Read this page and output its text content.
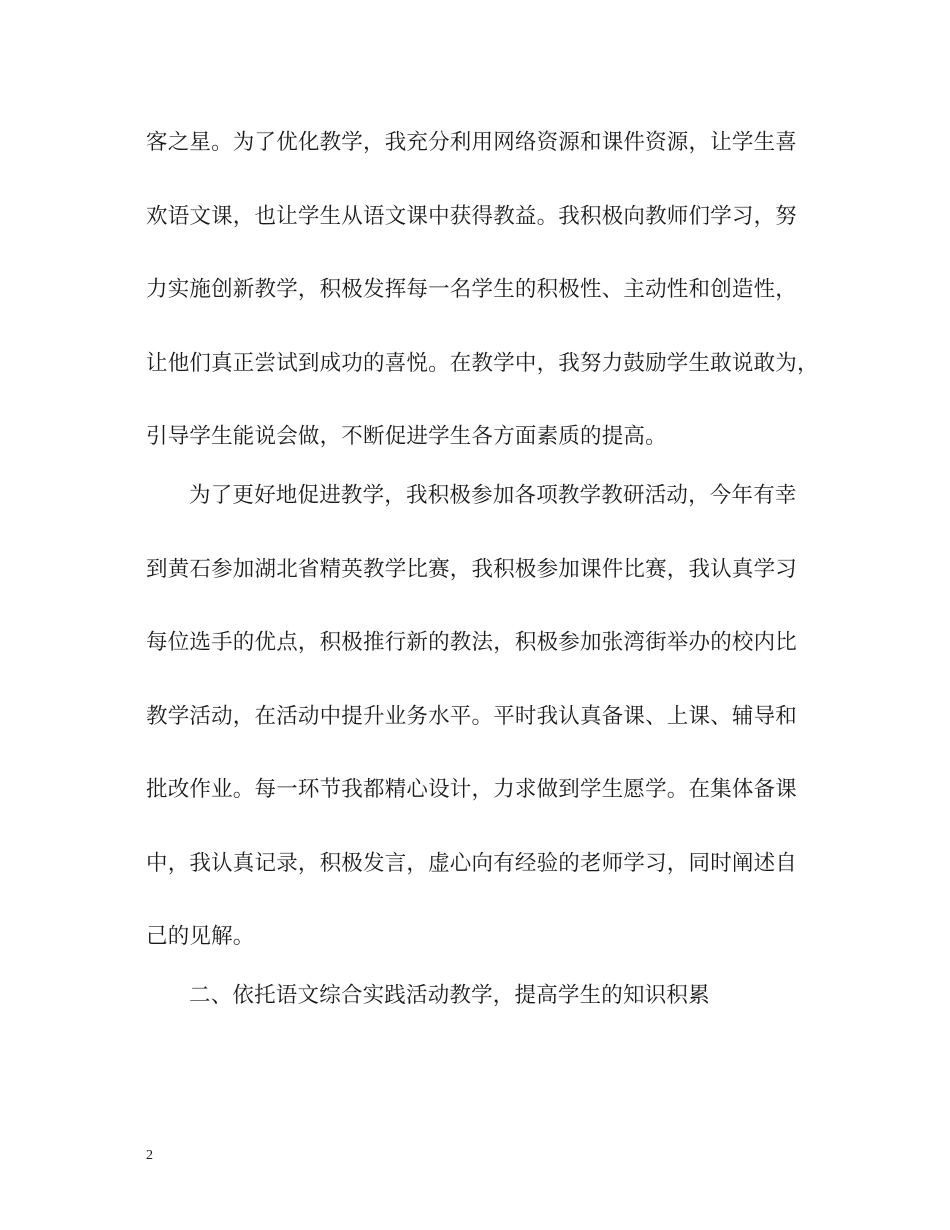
客之星。为了优化教学，我充分利用网络资源和课件资源，让学生喜
欢语文课，也让学生从语文课中获得教益。我积极向教师们学习，努
力实施创新教学，积极发挥每一名学生的积极性、主动性和创造性，
让他们真正尝试到成功的喜悦。在教学中，我努力鼓励学生敢说敢为，
引导学生能说会做，不断促进学生各方面素质的提高。
为了更好地促进教学，我积极参加各项教学教研活动，今年有幸
到黄石参加湖北省精英教学比赛，我积极参加课件比赛，我认真学习
每位选手的优点，积极推行新的教法，积极参加张湾街举办的校内比
教学活动，在活动中提升业务水平。平时我认真备课、上课、辅导和
批改作业。每一环节我都精心设计，力求做到学生愿学。在集体备课
中，我认真记录，积极发言，虚心向有经验的老师学习，同时阐述自
己的见解。
二、依托语文综合实践活动教学，提高学生的知识积累
2
